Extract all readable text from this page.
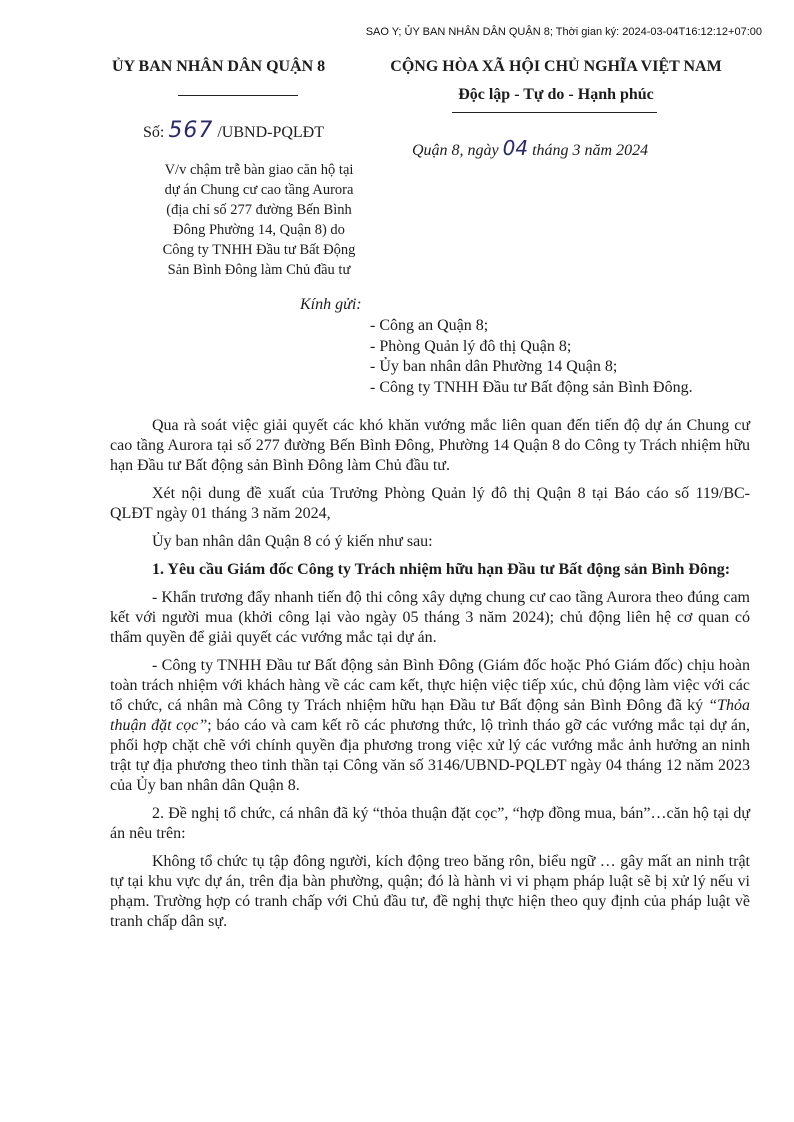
SAO Y; ỦY BAN NHÂN DÂN QUẬN 8; Thời gian ký: 2024-03-04T16:12:12+07:00
ỦY BAN NHÂN DÂN QUẬN 8	CỘNG HÒA XÃ HỘI CHỦ NGHĨA VIỆT NAM
Độc lập - Tự do - Hạnh phúc
Số: 567 /UBND-PQLĐT
Quận 8, ngày 04 tháng 3 năm 2024
V/v chậm trễ bàn giao căn hộ tại
dự án Chung cư cao tầng Aurora
(địa chỉ số 277 đường Bến Bình
Đông Phường 14, Quận 8) do
Công ty TNHH Đầu tư Bất Động
Sản Bình Đông làm Chủ đầu tư
Kính gửi:
- Công an Quận 8;
- Phòng Quản lý đô thị Quận 8;
- Ủy ban nhân dân Phường 14 Quận 8;
- Công ty TNHH Đầu tư Bất động sản Bình Đông.

Qua rà soát việc giải quyết các khó khăn vướng mắc liên quan đến tiến độ dự án Chung cư cao tầng Aurora tại số 277 đường Bến Bình Đông, Phường 14 Quận 8 do Công ty Trách nhiệm hữu hạn Đầu tư Bất động sản Bình Đông làm Chủ đầu tư.

Xét nội dung đề xuất của Trưởng Phòng Quản lý đô thị Quận 8 tại Báo cáo số 119/BC-QLĐT ngày 01 tháng 3 năm 2024,

Ủy ban nhân dân Quận 8 có ý kiến như sau:

1. Yêu cầu Giám đốc Công ty Trách nhiệm hữu hạn Đầu tư Bất động sản Bình Đông:

- Khẩn trương đẩy nhanh tiến độ thi công xây dựng chung cư cao tầng Aurora theo đúng cam kết với người mua (khởi công lại vào ngày 05 tháng 3 năm 2024); chủ động liên hệ cơ quan có thẩm quyền để giải quyết các vướng mắc tại dự án.

- Công ty TNHH Đầu tư Bất động sản Bình Đông (Giám đốc hoặc Phó Giám đốc) chịu hoàn toàn trách nhiệm với khách hàng về các cam kết, thực hiện việc tiếp xúc, chủ động làm việc với các tổ chức, cá nhân mà Công ty Trách nhiệm hữu hạn Đầu tư Bất động sản Bình Đông đã ký “Thỏa thuận đặt cọc”; báo cáo và cam kết rõ các phương thức, lộ trình tháo gỡ các vướng mắc tại dự án, phối hợp chặt chẽ với chính quyền địa phương trong việc xử lý các vướng mắc ảnh hưởng an ninh trật tự địa phương theo tinh thần tại Công văn số 3146/UBND-PQLĐT ngày 04 tháng 12 năm 2023 của Ủy ban nhân dân Quận 8.

2. Đề nghị tổ chức, cá nhân đã ký “thỏa thuận đặt cọc”, “hợp đồng mua, bán”…căn hộ tại dự án nêu trên:

Không tổ chức tụ tập đông người, kích động treo băng rôn, biểu ngữ … gây mất an ninh trật tự tại khu vực dự án, trên địa bàn phường, quận; đó là hành vi vi phạm pháp luật sẽ bị xử lý nếu vi phạm. Trường hợp có tranh chấp với Chủ đầu tư, đề nghị thực hiện theo quy định của pháp luật về tranh chấp dân sự.
